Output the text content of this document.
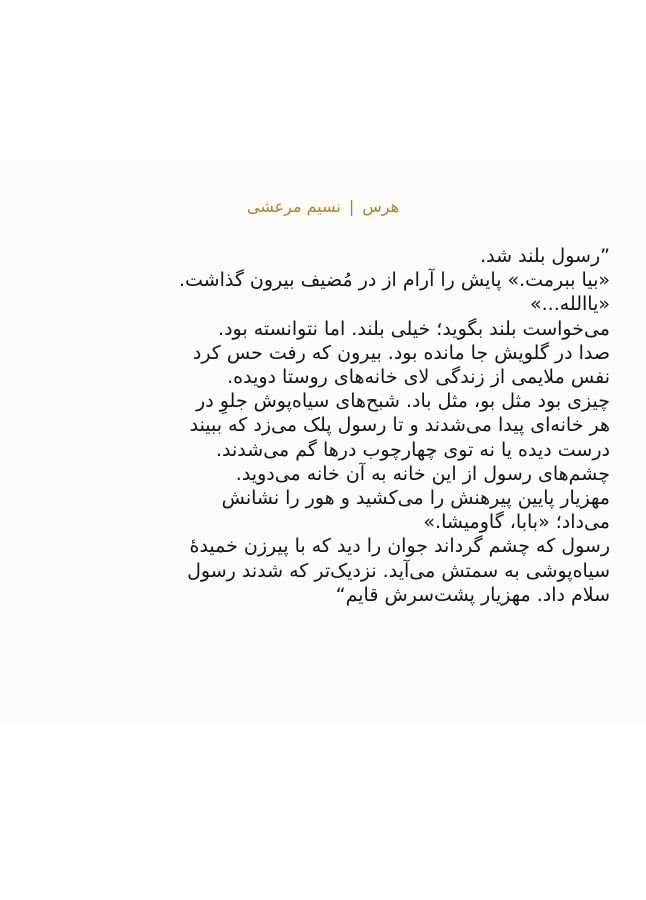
هرس|نسیم مرعشی
”رسول بلند شد.
«بیا ببرمت.» پایش را آرام از در مُضیف بیرون گذاشت.
«یاالله...»
می‌خواست بلند بگوید؛ خیلی بلند. اما نتوانسته بود.
صدا در گلویش جا مانده بود. بیرون که رفت حس کرد
نفس ملایمی از زندگی لای خانه‌های روستا دویده.
چیزی بود مثل بو، مثل باد. شبح‌های سیاه‌پوش جلوِ در
هر خانه‌ای پیدا می‌شدند و تا رسول پلک می‌زد که ببیند
درست دیده یا نه توی چهارچوب درها گم می‌شدند.
چشم‌های رسول از این خانه به آن خانه می‌دوید.
مهزیار پایین پیرهنش را می‌کشید و هور را نشانش
می‌داد؛ «بابا، گاومیشا.»
رسول که چشم گرداند جوان را دید که با پیرزن خمیدۀ
سیاه‌پوشی به سمتش می‌آید. نزدیک‌تر که شدند رسول
سلام داد. مهزیار پشت‌سرش قایم“
